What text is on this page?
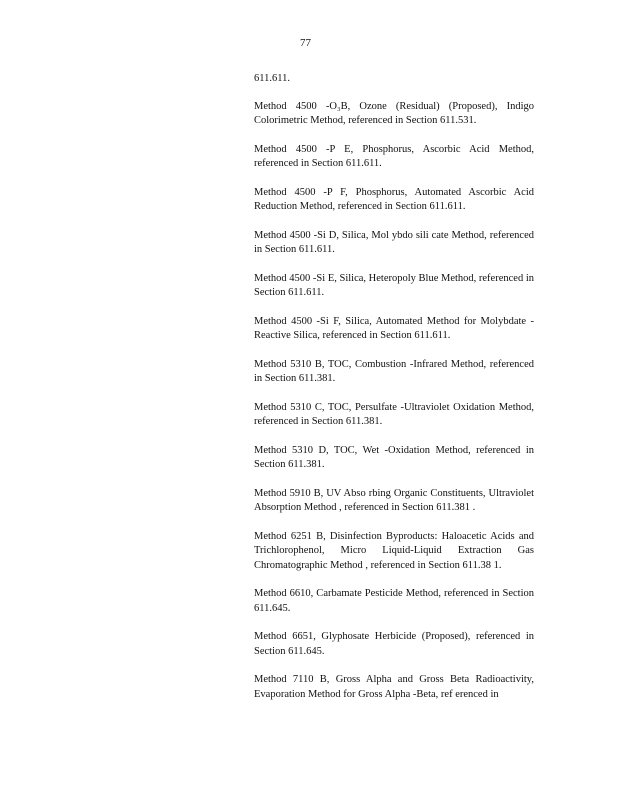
77

611.611.

Method 4500 -O₃B, Ozone (Residual) (Proposed), Indigo Colorimetric Method, referenced in Section 611.531.

Method 4500 -P E, Phosphorus, Ascorbic Acid Method, referenced in Section 611.611.

Method 4500 -P F, Phosphorus, Automated Ascorbic Acid Reduction Method, referenced in Section 611.611.

Method 4500 -Si D, Silica, Mol ybdo sili cate Method, referenced in Section 611.611.

Method 4500 -Si E, Silica, Heteropoly Blue Method, referenced in Section 611.611.

Method 4500 -Si F, Silica, Automated Method for Molybdate -Reactive Silica, referenced in Section 611.611.

Method 5310 B, TOC, Combustion -Infrared Method, referenced in Section 611.381.

Method 5310 C, TOC, Persulfate -Ultraviolet Oxidation Method, referenced in Section 611.381.

Method 5310 D, TOC, Wet -Oxidation Method, referenced in Section 611.381.

Method 5910 B, UV Abso rbing Organic Constituents, Ultraviolet Absorption Method , referenced in Section 611.381 .

Method 6251 B, Disinfection Byproducts: Haloacetic Acids and Trichlorophenol, Micro Liquid-Liquid Extraction Gas Chromatographic Method , referenced in Section 611.38 1.

Method 6610, Carbamate Pesticide Method, referenced in Section 611.645.

Method 6651, Glyphosate Herbicide (Proposed), referenced in Section 611.645.

Method 7110 B, Gross Alpha and Gross Beta Radioactivity, Evaporation Method for Gross Alpha -Beta, ref erenced in
